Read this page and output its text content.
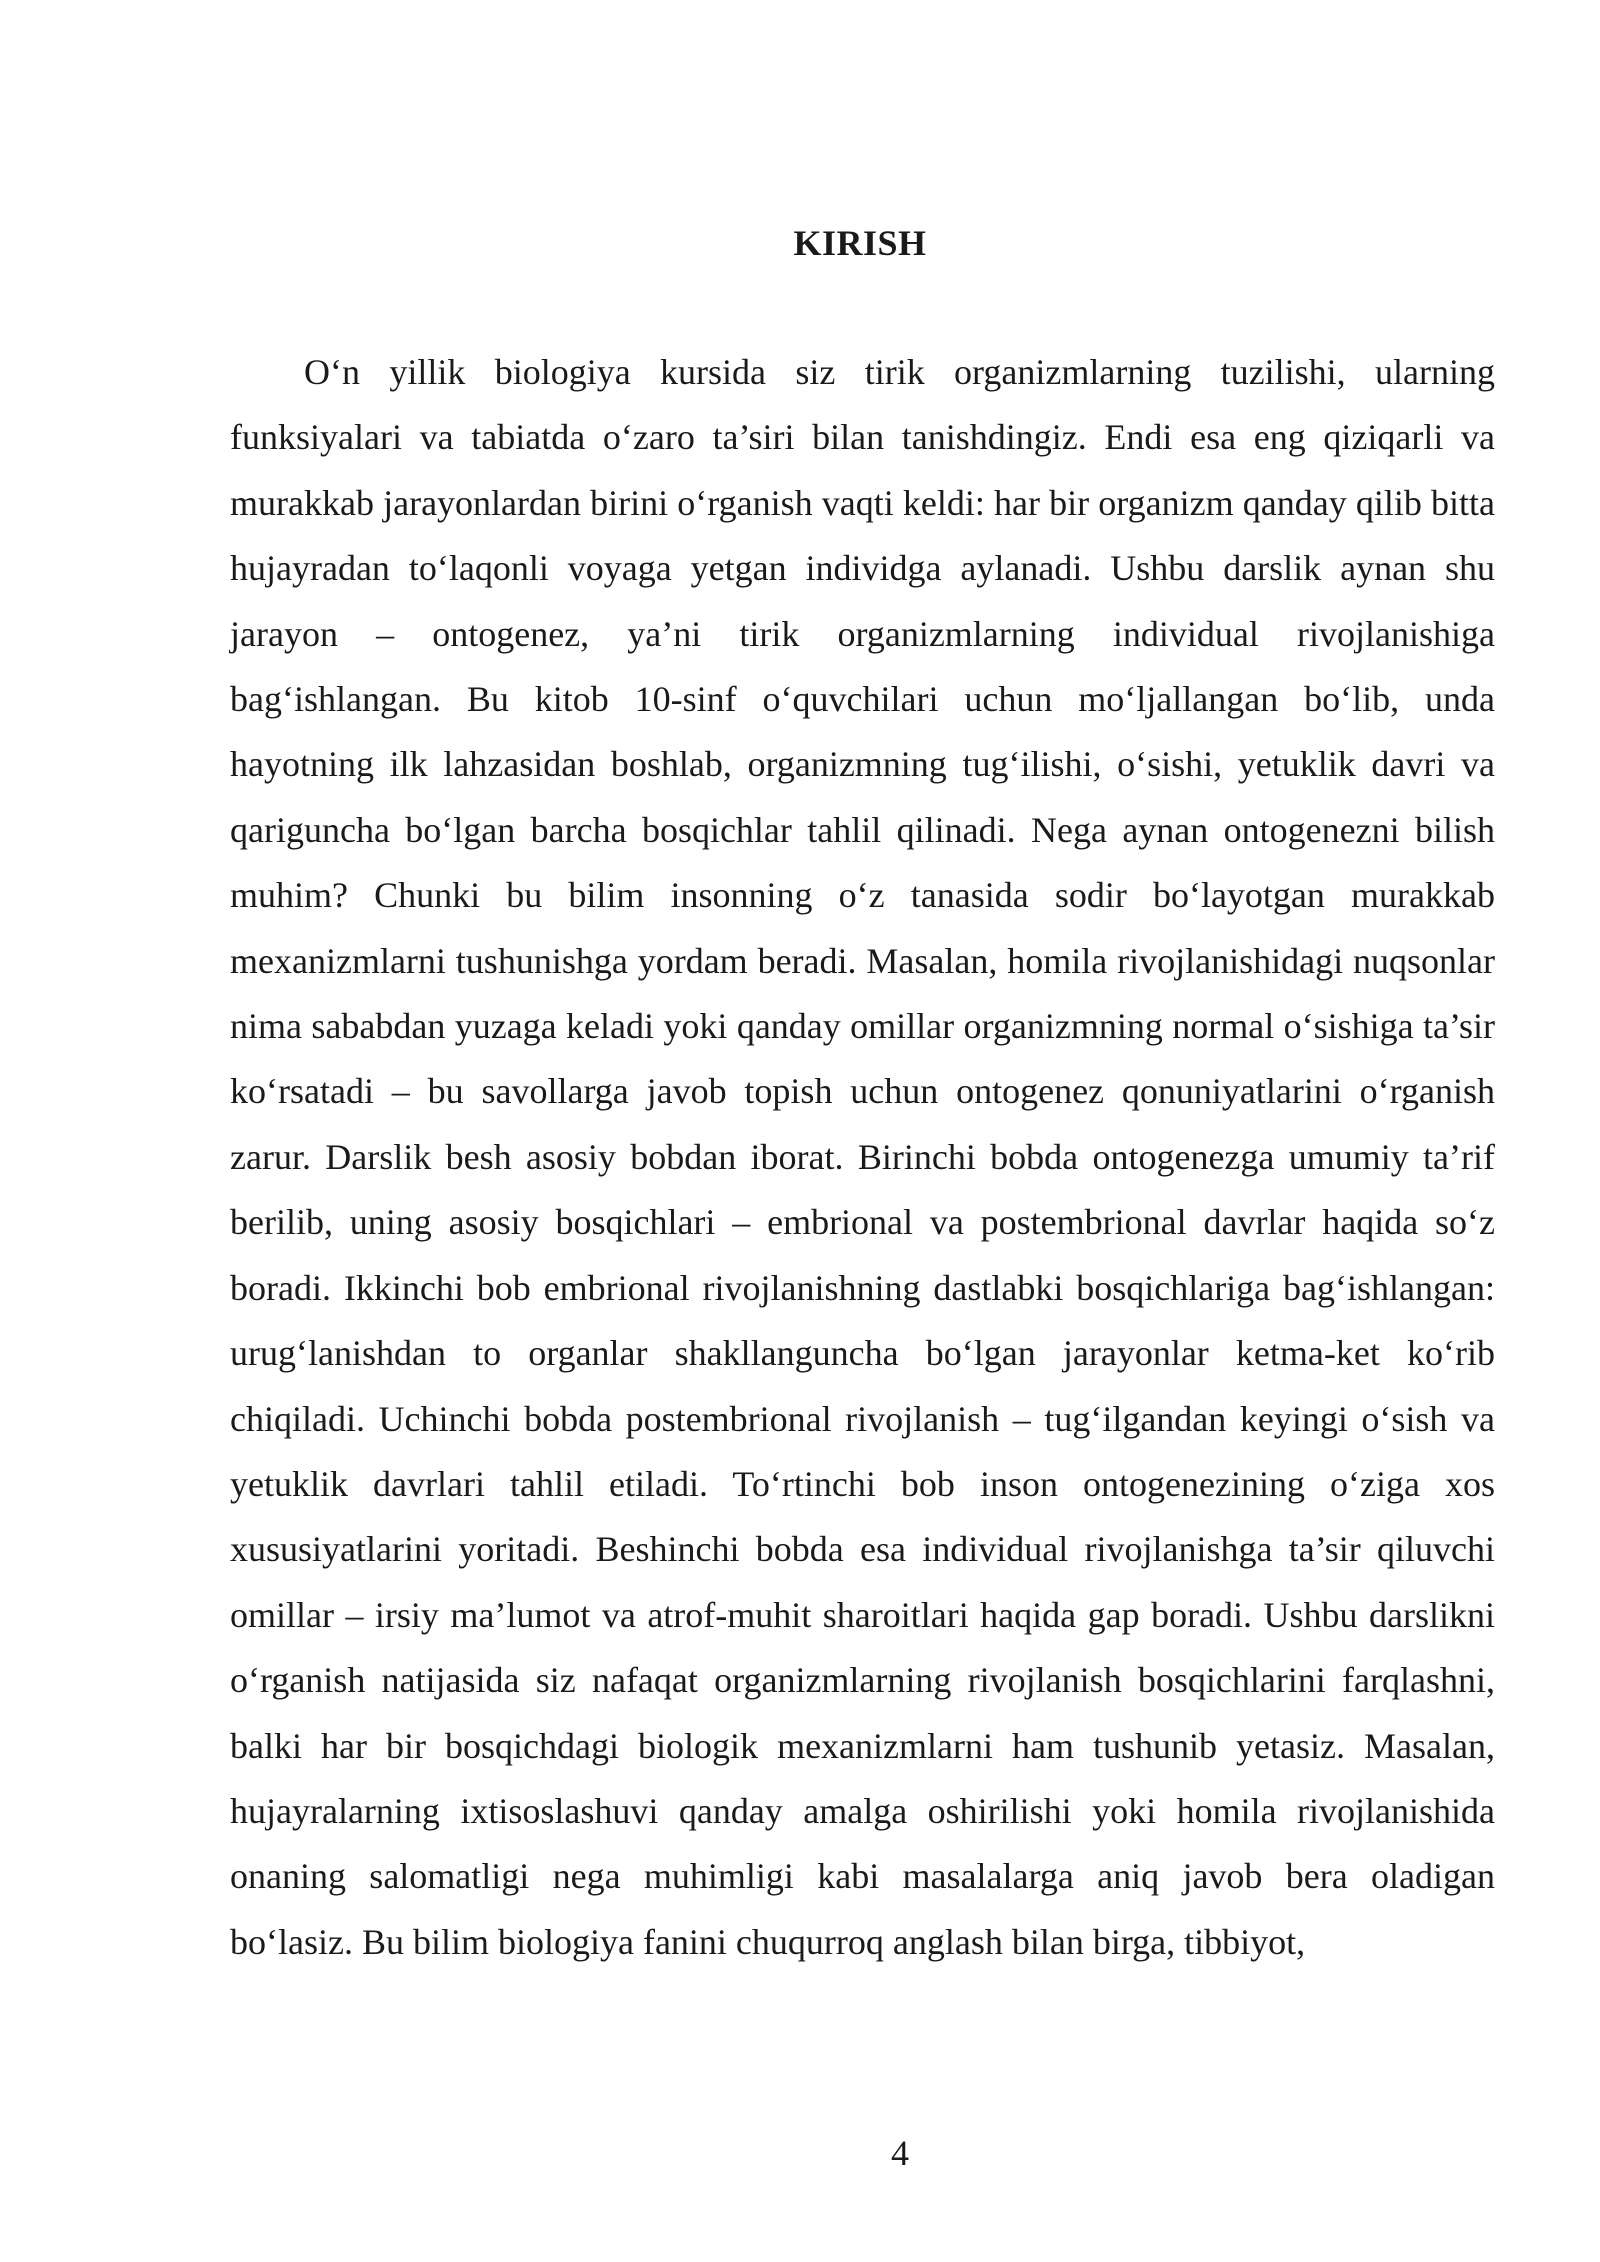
KIRISH

O‘n yillik biologiya kursida siz tirik organizmlarning tuzilishi, ularning funksiyalari va tabiatda o‘zaro ta’siri bilan tanishdingiz. Endi esa eng qiziqarli va murakkab jarayonlardan birini o‘rganish vaqti keldi: har bir organizm qanday qilib bitta hujayradan to‘laqonli voyaga yetgan individga aylanadi. Ushbu darslik aynan shu jarayon – ontogenez, ya’ni tirik organizmlarning individual rivojlanishiga bag‘ishlangan. Bu kitob 10-sinf o‘quvchilari uchun mo‘ljallangan bo‘lib, unda hayotning ilk lahzasidan boshlab, organizmning tug‘ilishi, o‘sishi, yetuklik davri va qariguncha bo‘lgan barcha bosqichlar tahlil qilinadi. Nega aynan ontogenezni bilish muhim? Chunki bu bilim insonning o‘z tanasida sodir bo‘layotgan murakkab mexanizmlarni tushunishga yordam beradi. Masalan, homila rivojlanishidagi nuqsonlar nima sababdan yuzaga keladi yoki qanday omillar organizmning normal o‘sishiga ta’sir ko‘rsatadi – bu savollarga javob topish uchun ontogenez qonuniyatlarini o‘rganish zarur. Darslik besh asosiy bobdan iborat. Birinchi bobda ontogenezga umumiy ta’rif berilib, uning asosiy bosqichlari – embrional va postembrional davrlar haqida so‘z boradi. Ikkinchi bob embrional rivojlanishning dastlabki bosqichlariga bag‘ishlangan: urug‘lanishdan to organlar shakllanguncha bo‘lgan jarayonlar ketma-ket ko‘rib chiqiladi. Uchinchi bobda postembrional rivojlanish – tug‘ilgandan keyingi o‘sish va yetuklik davrlari tahlil etiladi. To‘rtinchi bob inson ontogenezining o‘ziga xos xususiyatlarini yoritadi. Beshinchi bobda esa individual rivojlanishga ta’sir qiluvchi omillar – irsiy ma’lumot va atrof-muhit sharoitlari haqida gap boradi. Ushbu darslikni o‘rganish natijasida siz nafaqat organizmlarning rivojlanish bosqichlarini farqlashni, balki har bir bosqichdagi biologik mexanizmlarni ham tushunib yetasiz. Masalan, hujayralarning ixtisoslashuvi qanday amalga oshirilishi yoki homila rivojlanishida onaning salomatligi nega muhimligi kabi masalalarga aniq javob bera oladigan bo‘lasiz. Bu bilim biologiya fanini chuqurroq anglash bilan birga, tibbiyot,

4
